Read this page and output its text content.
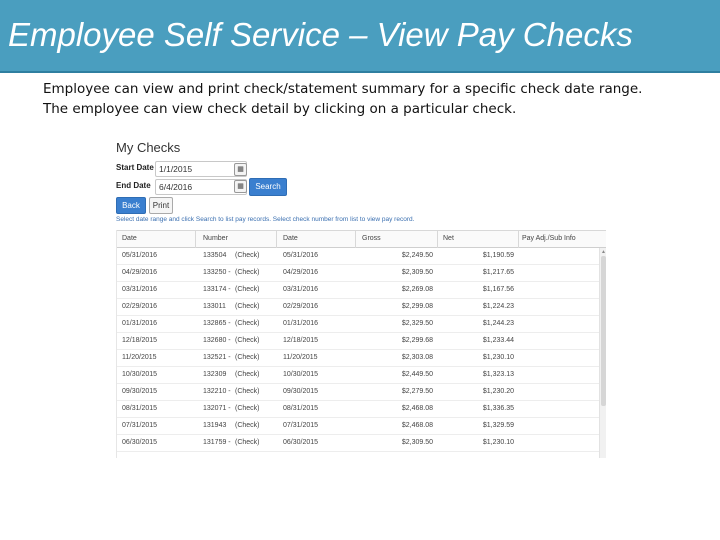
Employee Self Service – View Pay Checks
Employee can view and print check/statement summary for a specific check date range.
The employee can view check detail by clicking on a particular check.
My Checks
Start Date 1/1/2015	▦
End Date 6/4/2016	▦	Search
Back	Print
Select date range and click Search to list pay records. Select check number from list to view pay record.
Date	Number	Date	Gross	Net	Pay Adj./Sub Info
05/31/2016	133504 (Check)	05/31/2016	$2,249.50	$1,190.59
04/29/2016	133250 - (Check)	04/29/2016	$2,309.50	$1,217.65
03/31/2016	133174 - (Check)	03/31/2016	$2,269.08	$1,167.56
02/29/2016	133011 (Check)	02/29/2016	$2,299.08	$1,224.23
01/31/2016	132865 - (Check)	01/31/2016	$2,329.50	$1,244.23
12/18/2015	132680 - (Check)	12/18/2015	$2,299.68	$1,233.44
11/20/2015	132521 - (Check)	11/20/2015	$2,303.08	$1,230.10
10/30/2015	132309 (Check)	10/30/2015	$2,449.50	$1,323.13
09/30/2015	132210 - (Check)	09/30/2015	$2,279.50	$1,230.20
08/31/2015	132071 - (Check)	08/31/2015	$2,468.08	$1,336.35
07/31/2015	131943 (Check)	07/31/2015	$2,468.08	$1,329.59
06/30/2015	131759 - (Check)	06/30/2015	$2,309.50	$1,230.10
▲
